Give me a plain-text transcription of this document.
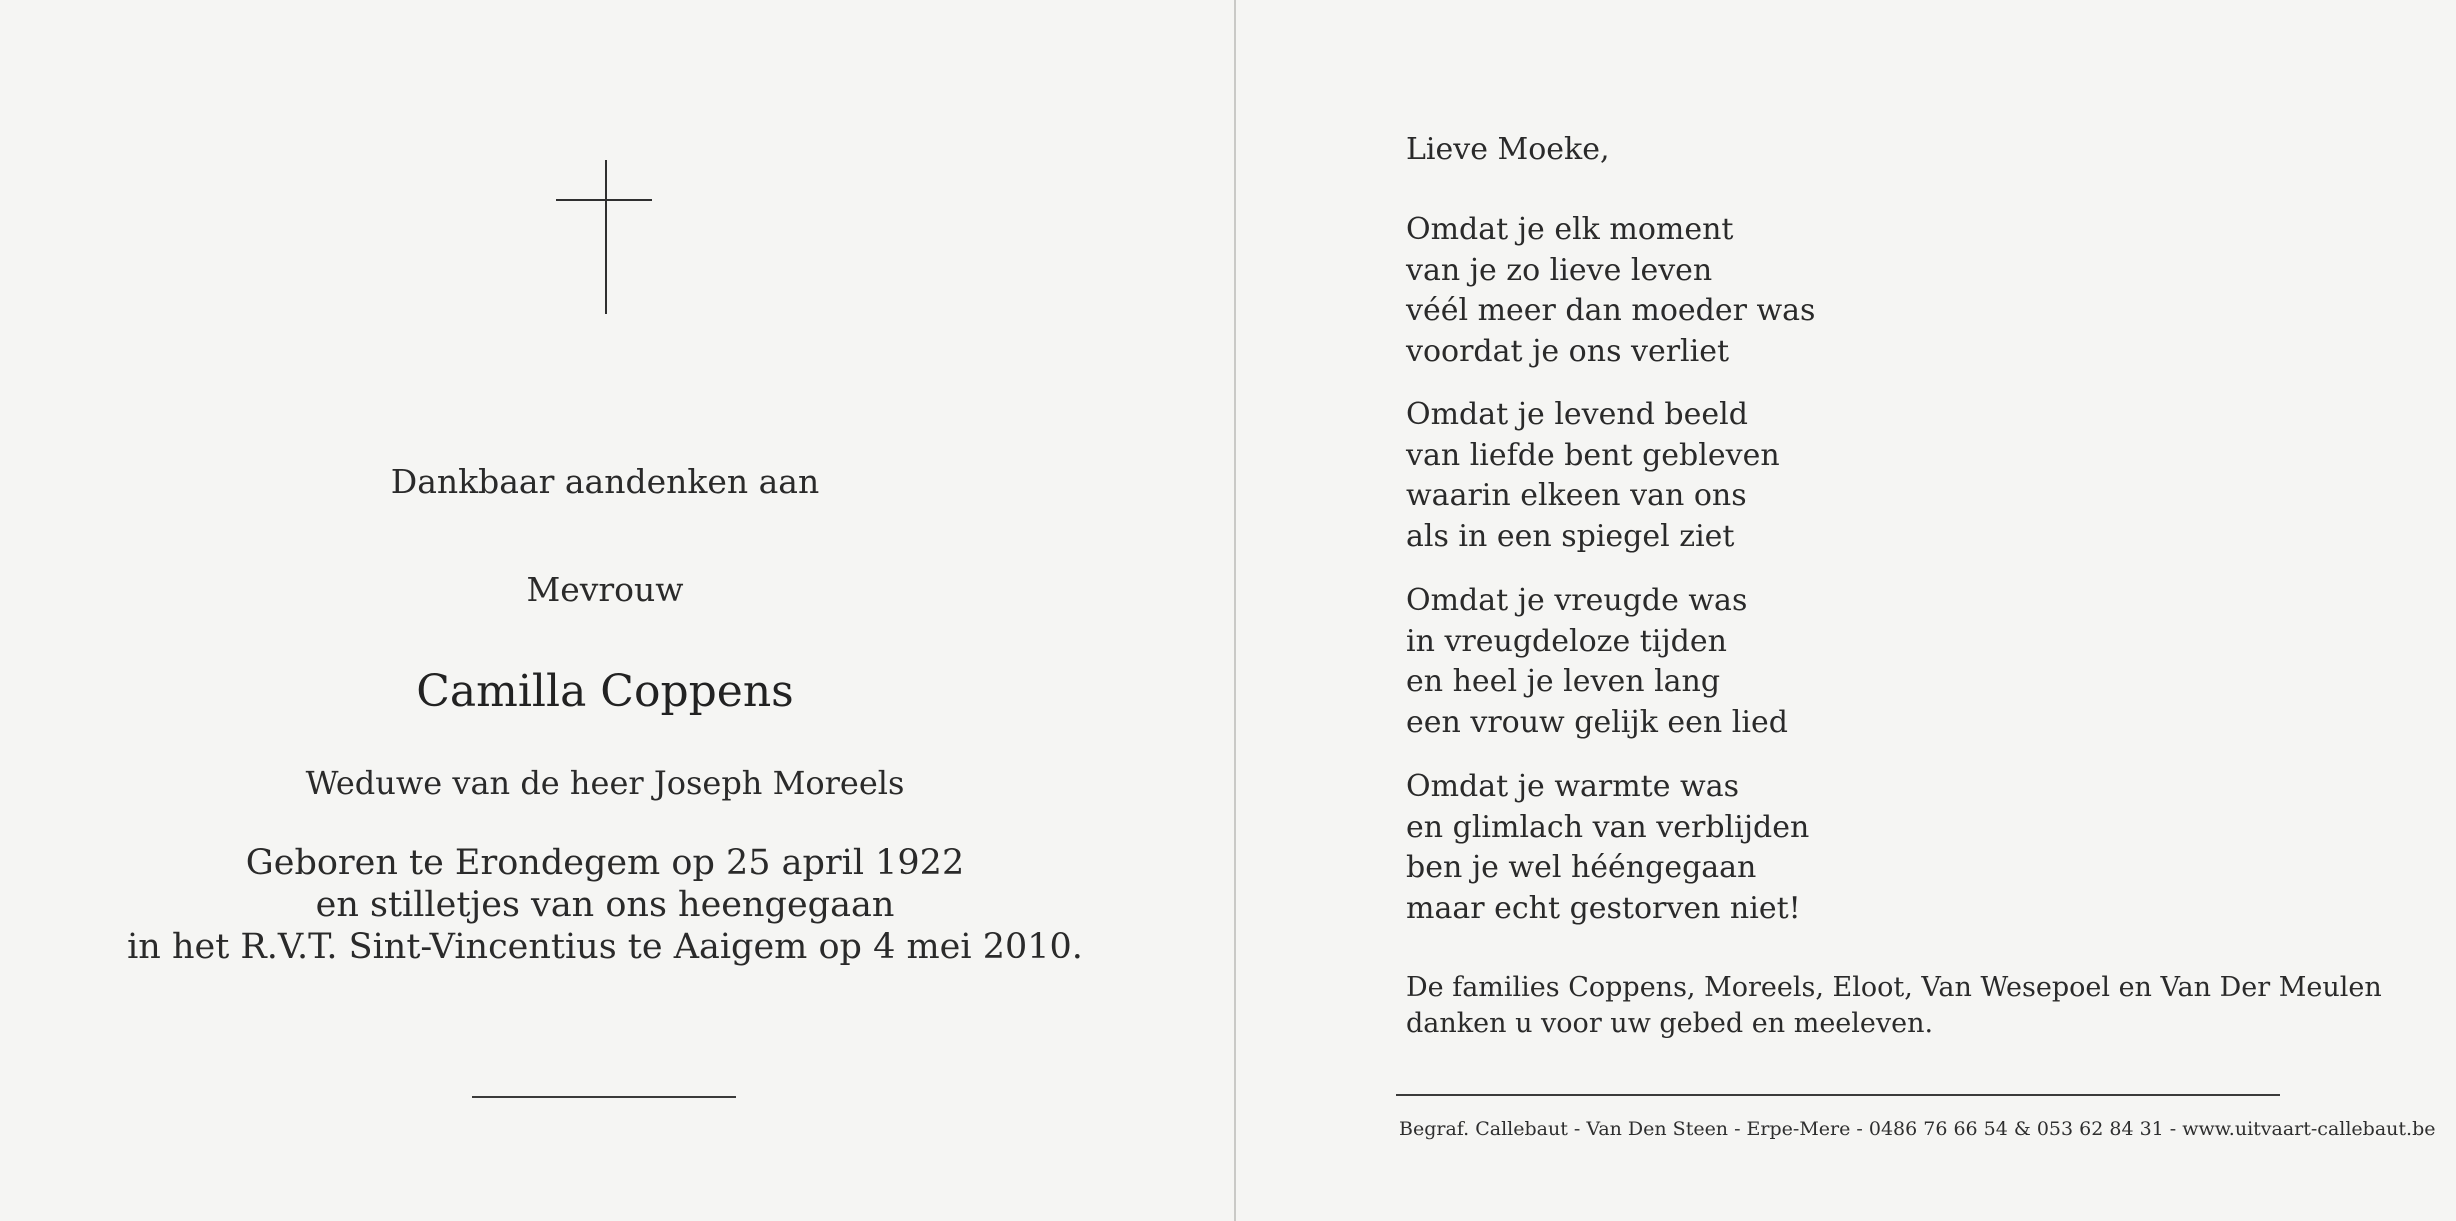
Dankbaar aandenken aan
Mevrouw
Camilla Coppens
Weduwe van de heer Joseph Moreels
Geboren te Erondegem op 25 april 1922
en stilletjes van ons heengegaan
in het R.V.T. Sint-Vincentius te Aaigem op 4 mei 2010.
Lieve Moeke,
Omdat je elk moment
van je zo lieve leven
véél meer dan moeder was
voordat je ons verliet
Omdat je levend beeld
van liefde bent gebleven
waarin elkeen van ons
als in een spiegel ziet
Omdat je vreugde was
in vreugdeloze tijden
en heel je leven lang
een vrouw gelijk een lied
Omdat je warmte was
en glimlach van verblijden
ben je wel hééngegaan
maar echt gestorven niet!
De families Coppens, Moreels, Eloot, Van Wesepoel en Van Der Meulen
danken u voor uw gebed en meeleven.
Begraf. Callebaut - Van Den Steen - Erpe-Mere - 0486 76 66 54 & 053 62 84 31 - www.uitvaart-callebaut.be
